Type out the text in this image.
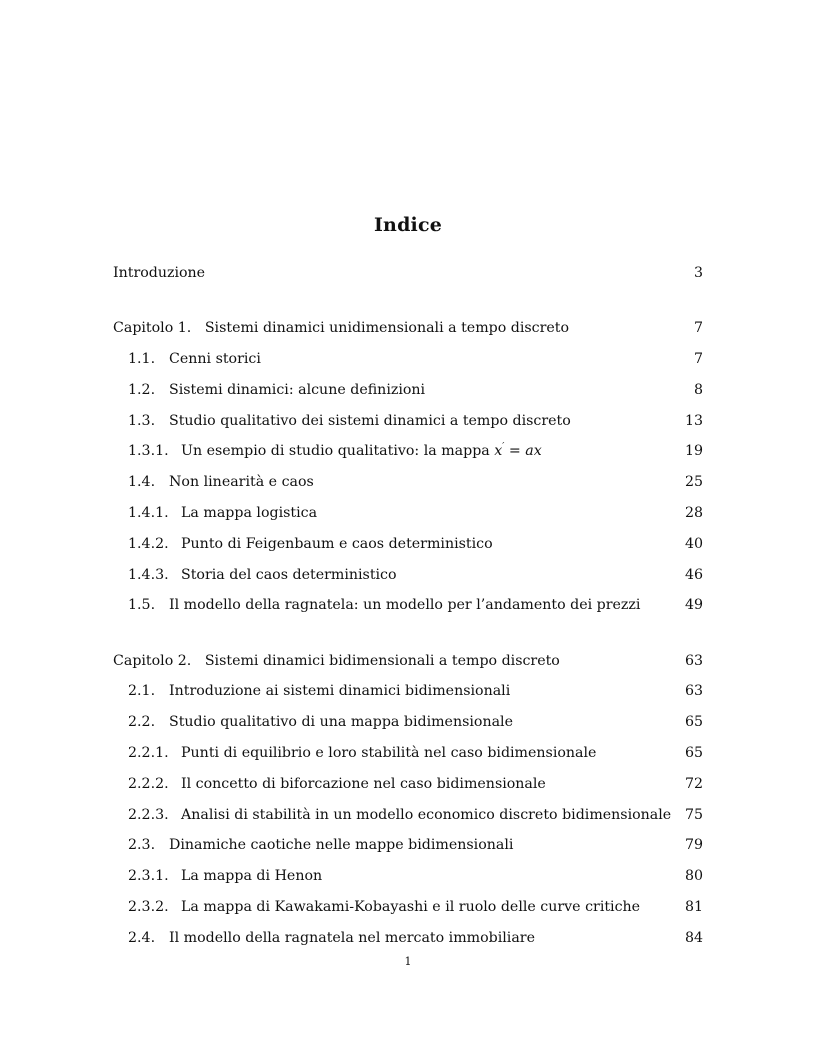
Indice
Introduzione	3
Capitolo 1.   Sistemi dinamici unidimensionali a tempo discreto	7
1.1. Cenni storici	7
1.2. Sistemi dinamici: alcune definizioni	8
1.3. Studio qualitativo dei sistemi dinamici a tempo discreto	13
1.3.1. Un esempio di studio qualitativo: la mappa x′ = ax	19
1.4. Non linearità e caos	25
1.4.1. La mappa logistica	28
1.4.2. Punto di Feigenbaum e caos deterministico	40
1.4.3. Storia del caos deterministico	46
1.5. Il modello della ragnatela: un modello per l’andamento dei prezzi	49
Capitolo 2.   Sistemi dinamici bidimensionali a tempo discreto	63
2.1. Introduzione ai sistemi dinamici bidimensionali	63
2.2. Studio qualitativo di una mappa bidimensionale	65
2.2.1. Punti di equilibrio e loro stabilità nel caso bidimensionale	65
2.2.2. Il concetto di biforcazione nel caso bidimensionale	72
2.2.3. Analisi di stabilità in un modello economico discreto bidimensionale 75
2.3. Dinamiche caotiche nelle mappe bidimensionali	79
2.3.1. La mappa di Henon	80
2.3.2. La mappa di Kawakami-Kobayashi e il ruolo delle curve critiche	81
2.4. Il modello della ragnatela nel mercato immobiliare	84
1
